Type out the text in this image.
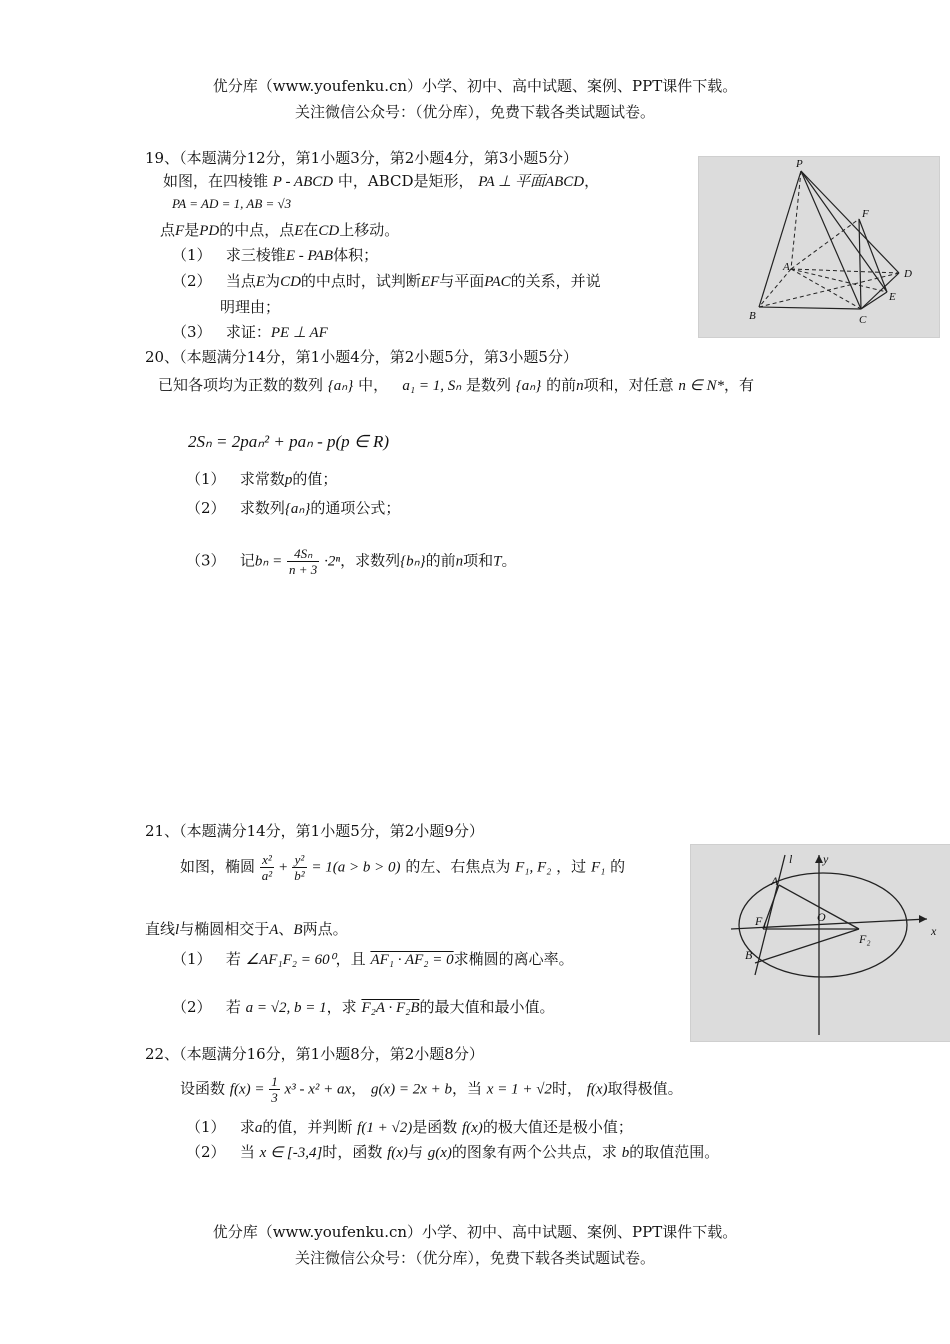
优分库（www.youfenku.cn）小学、初中、高中试题、案例、PPT课件下载。
关注微信公众号：（优分库），免费下载各类试题试卷。
19、（本题满分12分，第1小题3分，第2小题4分，第3小题5分）
如图，在四棱锥 P - ABCD 中，ABCD是矩形， PA ⊥ 平面ABCD，
PA = AD = 1, AB = √3
点F是PD的中点，点E在CD上移动。
（1） 求三棱锥E - PAB体积；
（2） 当点E为CD的中点时，试判断EF与平面PAC的关系，并说
明理由；
（3） 求证：PE ⊥ AF
P
F
A
D
E
B	C
20、（本题满分14分，第1小题4分，第2小题5分，第3小题5分）
已知各项均为正数的数列 {aₙ} 中， a₁ = 1, Sₙ 是数列 {aₙ} 的前n项和，对任意 n ∈ N*，有
2Sₙ = 2paₙ² + paₙ - p(p ∈ R)
（1） 求常数p的值；
（2） 求数列{aₙ}的通项公式；
（3） 记$b_n = \frac{\text{4Sₙ}}{n + 3} \cdot 2^n$，求数列{bₙ}的前n项和T。
21、（本题满分14分，第1小题5分，第2小题9分）
如图，椭圆 $\frac{\text{x²}}{\text{a²}} + \frac{\text{y²}}{\text{b²}} = 1(a > b > 0)$ 的左、右焦点为 F₁, F₂ ，过 F₁ 的
直线l与椭圆相交于A、B两点。
（1） 若 ∠AF₁F₂ = 60⁰，且 AF₁ · AF₂ = 0求椭圆的离心率。
（2） 若 a = √2, b = 1，求 F₂A · F₂B的最大值和最小值。
l	y
A
F₁	O
F₂
x
B
22、（本题满分16分，第1小题8分，第2小题8分）
设函数 $f(x) = \frac{1}{3} x^3 - x^2$ + ax， g(x) = 2x + b，当 x = 1 + √2时， f(x)取得极值。
（1） 求a的值，并判断 f(1 + √2)是函数 f(x)的极大值还是极小值；
（2） 当 x ∈ [-3,4]时，函数 f(x)与 g(x)的图象有两个公共点，求 b的取值范围。
优分库（www.youfenku.cn）小学、初中、高中试题、案例、PPT课件下载。
关注微信公众号：（优分库），免费下载各类试题试卷。
